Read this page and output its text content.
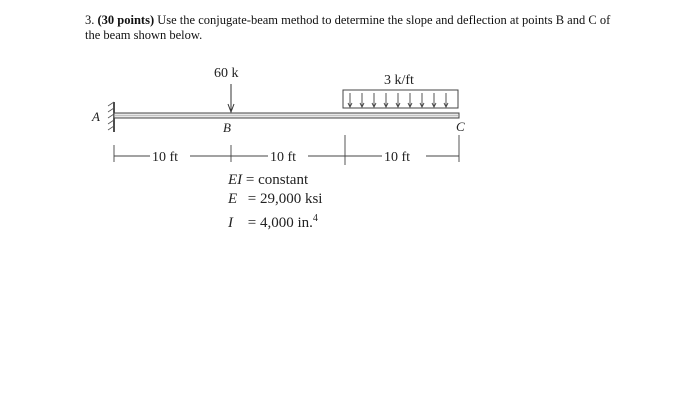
3. (30 points) Use the conjugate-beam method to determine the slope and deflection at points B and C of
the beam shown below.
A
60 k
B
3 k/ft
C
10 ft	10 ft	10 ft
EI = constant
E = 29,000 ksi
I = 4,000 in.$^4$
